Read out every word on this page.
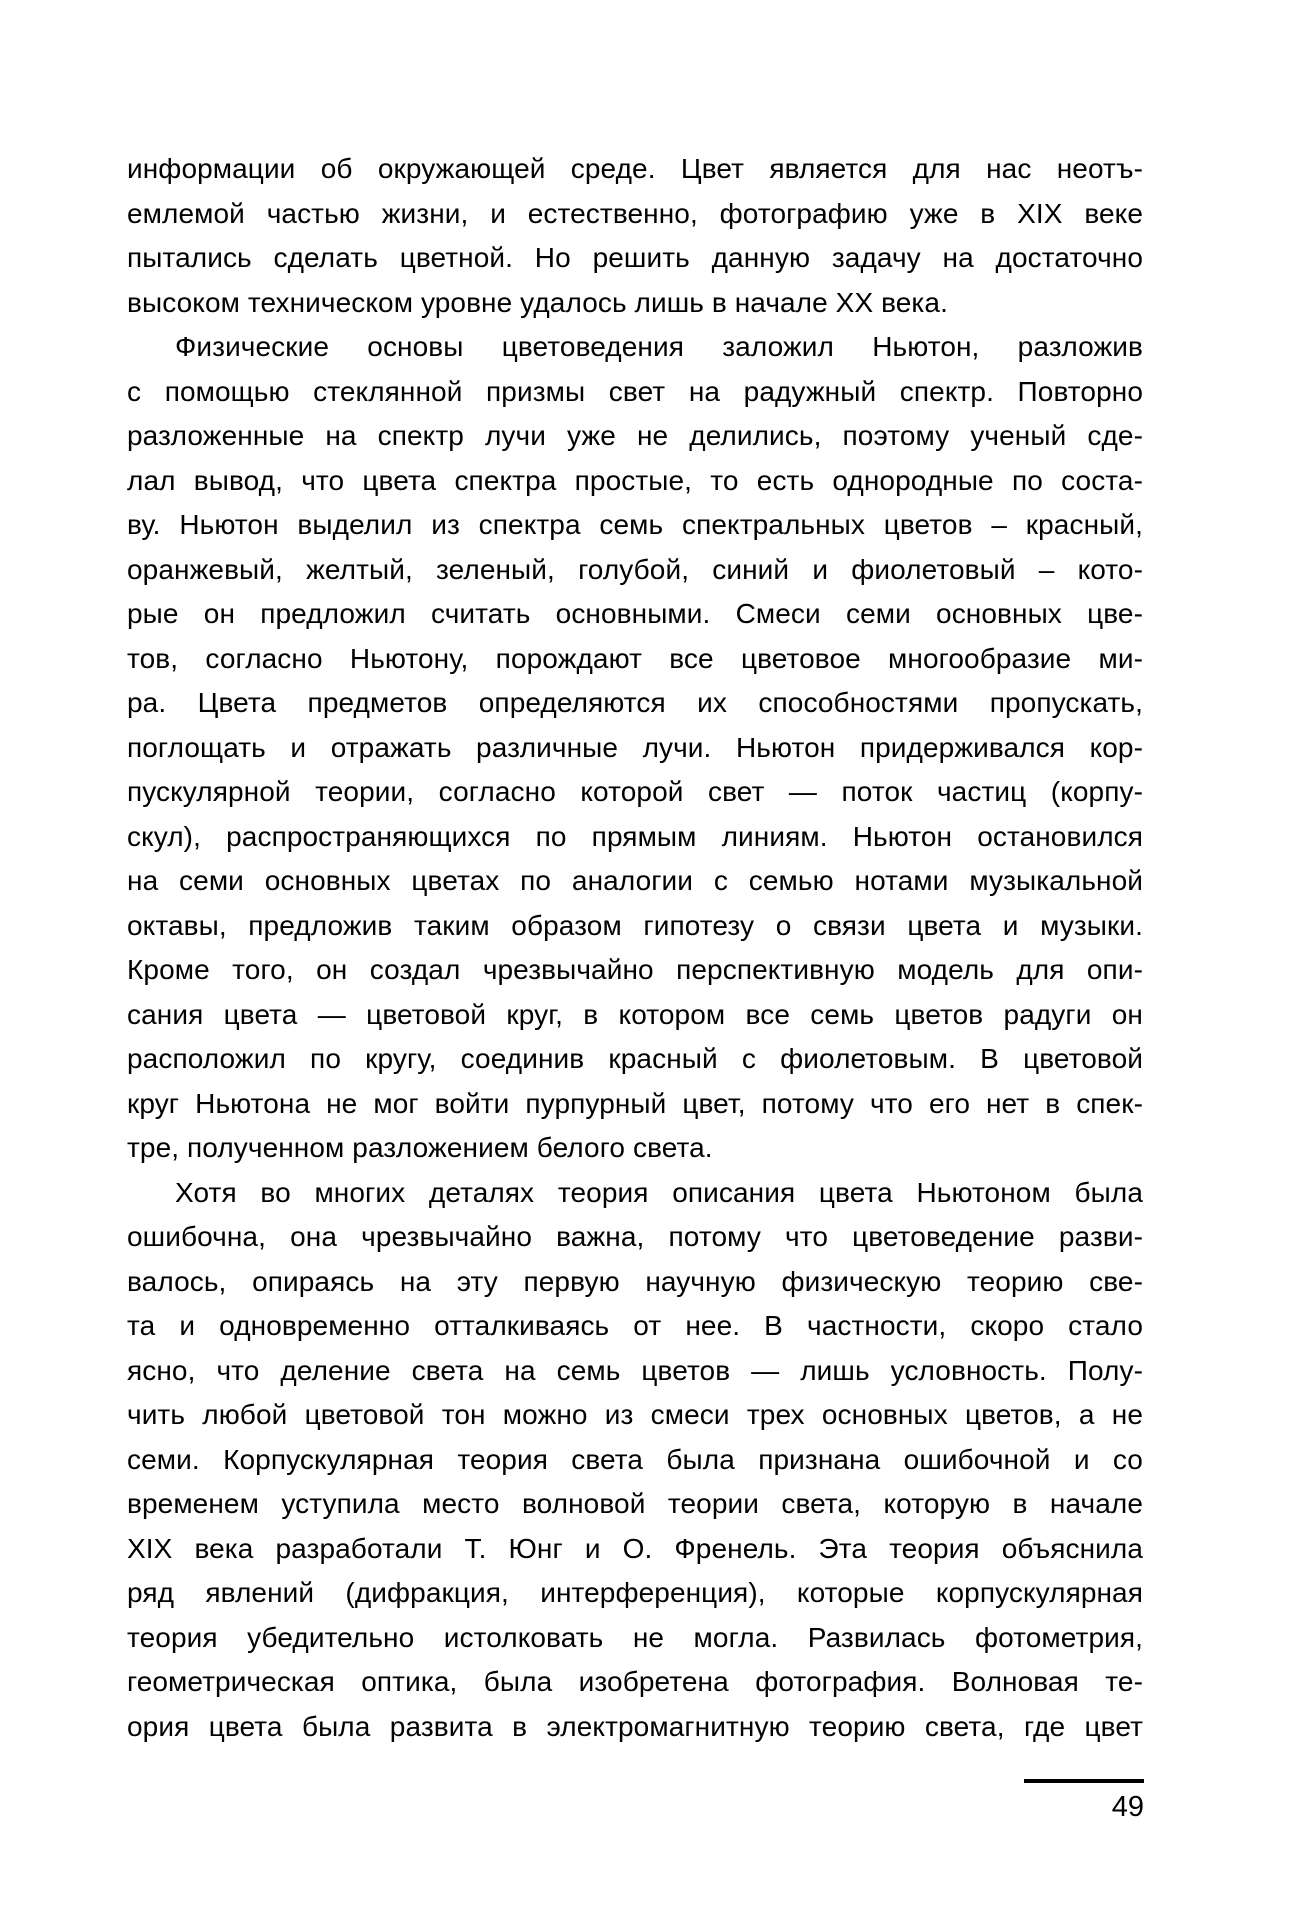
информации об окружающей среде. Цвет является для нас неотъ-
емлемой частью жизни, и естественно, фотографию уже в XIX веке
пытались сделать цветной. Но решить данную задачу на достаточно
высоком техническом уровне удалось лишь в начале XX века.
Физические основы цветоведения заложил Ньютон, разложив
с помощью стеклянной призмы свет на радужный спектр. Повторно
разложенные на спектр лучи уже не делились, поэтому ученый сде-
лал вывод, что цвета спектра простые, то есть однородные по соста-
ву. Ньютон выделил из спектра семь спектральных цветов – красный,
оранжевый, желтый, зеленый, голубой, синий и фиолетовый – кото-
рые он предложил считать основными. Смеси семи основных цве-
тов, согласно Ньютону, порождают все цветовое многообразие ми-
ра. Цвета предметов определяются их способностями пропускать,
поглощать и отражать различные лучи. Ньютон придерживался кор-
пускулярной теории, согласно которой свет — поток частиц (корпу-
скул), распространяющихся по прямым линиям. Ньютон остановился
на семи основных цветах по аналогии с семью нотами музыкальной
октавы, предложив таким образом гипотезу о связи цвета и музыки.
Кроме того, он создал чрезвычайно перспективную модель для опи-
сания цвета — цветовой круг, в котором все семь цветов радуги он
расположил по кругу, соединив красный с фиолетовым. В цветовой
круг Ньютона не мог войти пурпурный цвет, потому что его нет в спек-
тре, полученном разложением белого света.
Хотя во многих деталях теория описания цвета Ньютоном была
ошибочна, она чрезвычайно важна, потому что цветоведение разви-
валось, опираясь на эту первую научную физическую теорию све-
та и одновременно отталкиваясь от нее. В частности, скоро стало
ясно, что деление света на семь цветов — лишь условность. Полу-
чить любой цветовой тон можно из смеси трех основных цветов, а не
семи. Корпускулярная теория света была признана ошибочной и со
временем уступила место волновой теории света, которую в начале
XIX века разработали Т. Юнг и О. Френель. Эта теория объяснила
ряд явлений (дифракция, интерференция), которые корпускулярная
теория убедительно истолковать не могла. Развилась фотометрия,
геометрическая оптика, была изобретена фотография. Волновая те-
ория цвета была развита в электромагнитную теорию света, где цвет
49
